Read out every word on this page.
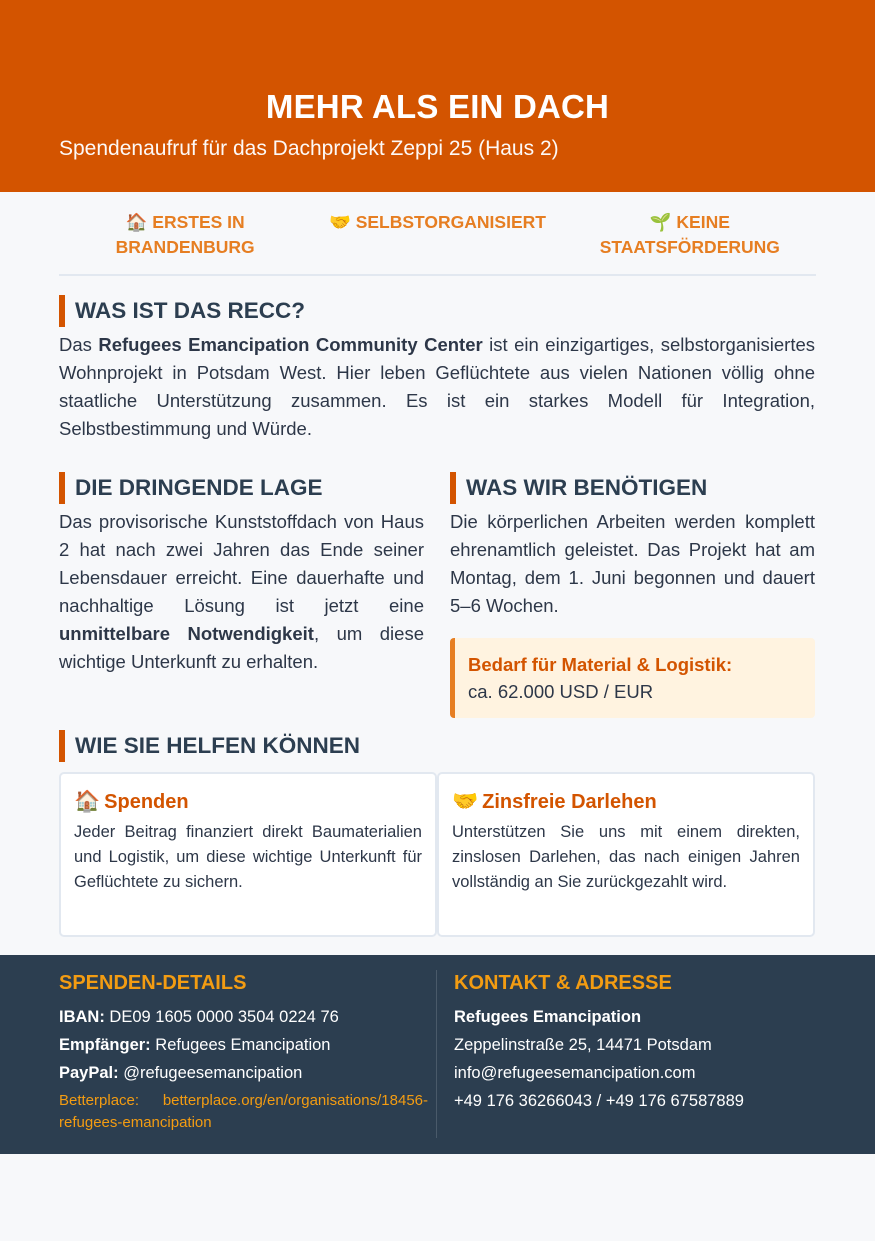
MEHR ALS EIN DACH
Spendenaufruf für das Dachprojekt Zeppi 25 (Haus 2)
🏠 ERSTES IN BRANDENBURG
🤝 SELBSTORGANISIERT	🌱 KEINE STAATSFÖRDERUNG
WAS IST DAS RECC?

Das Refugees Emancipation Community Center ist ein einzigartiges, selbstorganisiertes Wohnprojekt in Potsdam West. Hier leben Geflüchtete aus vielen Nationen völlig ohne staatliche Unterstützung zusammen. Es ist ein starkes Modell für Integration, Selbstbestimmung und Würde.

DIE DRINGENDE LAGE

Das provisorische Kunststoffdach von Haus 2 hat nach zwei Jahren das Ende seiner Lebensdauer erreicht. Eine dauerhafte und nachhaltige Lösung ist jetzt eine unmittelbare Notwendigkeit, um diese wichtige Unterkunft zu erhalten.

WAS WIR BENÖTIGEN

Die körperlichen Arbeiten werden komplett ehrenamtlich geleistet. Das Projekt hat am Montag, dem 1. Juni begonnen und dauert 5–6 Wochen.

Bedarf für Material & Logistik:
ca. 62.000 USD / EUR
WIE SIE HELFEN KÖNNEN
🏠 Spenden
Jeder Beitrag finanziert direkt Baumaterialien und Logistik, um diese wichtige Unterkunft für Geflüchtete zu sichern.
🤝 Zinsfreie Darlehen
Unterstützen Sie uns mit einem direkten, zinslosen Darlehen, das nach einigen Jahren vollständig an Sie zurückgezahlt wird.
SPENDEN-DETAILS
IBAN: DE09 1605 0000 3504 0224 76
Empfänger: Refugees Emancipation
PayPal: @refugeesemancipation
Betterplace: betterplace.org/en/organisations/18456-refugees-emancipation
KONTAKT & ADRESSE
Refugees Emancipation
Zeppelinstraße 25, 14471 Potsdam
info@refugeesemancipation.com
+49 176 36266043 / +49 176 67587889
